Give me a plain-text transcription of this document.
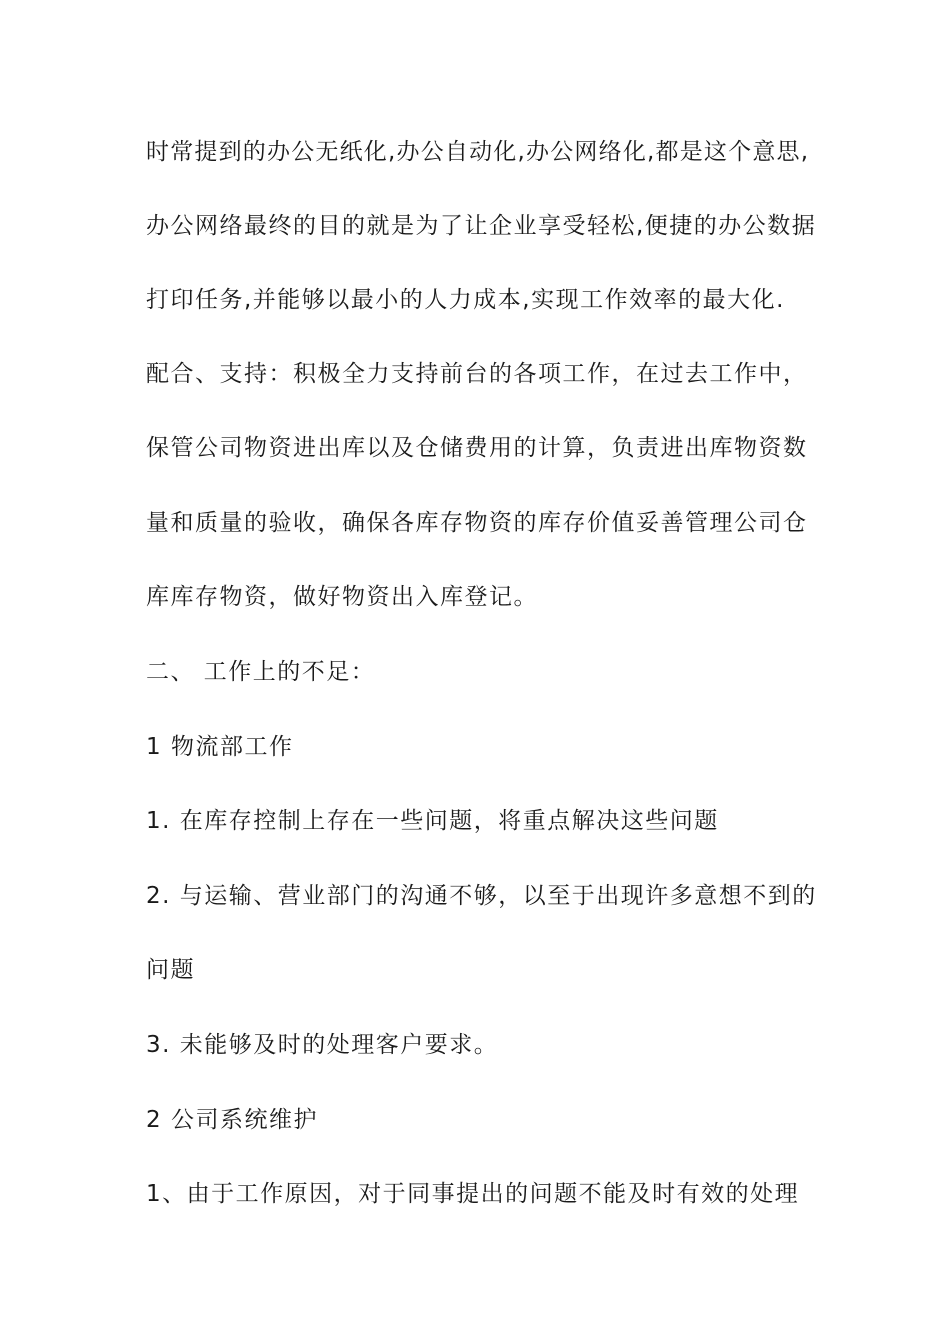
时常提到的办公无纸化,办公自动化,办公网络化,都是这个意思,
办公网络最终的目的就是为了让企业享受轻松,便捷的办公数据
打印任务,并能够以最小的人力成本,实现工作效率的最大化.
配合、支持：积极全力支持前台的各项工作，在过去工作中，
保管公司物资进出库以及仓储费用的计算，负责进出库物资数
量和质量的验收，确保各库存物资的库存价值妥善管理公司仓
库库存物资，做好物资出入库登记。
二、 工作上的不足：
1 物流部工作
1. 在库存控制上存在一些问题，将重点解决这些问题
2. 与运输、营业部门的沟通不够，以至于出现许多意想不到的
问题
3. 未能够及时的处理客户要求。
2 公司系统维护
1、由于工作原因，对于同事提出的问题不能及时有效的处理
